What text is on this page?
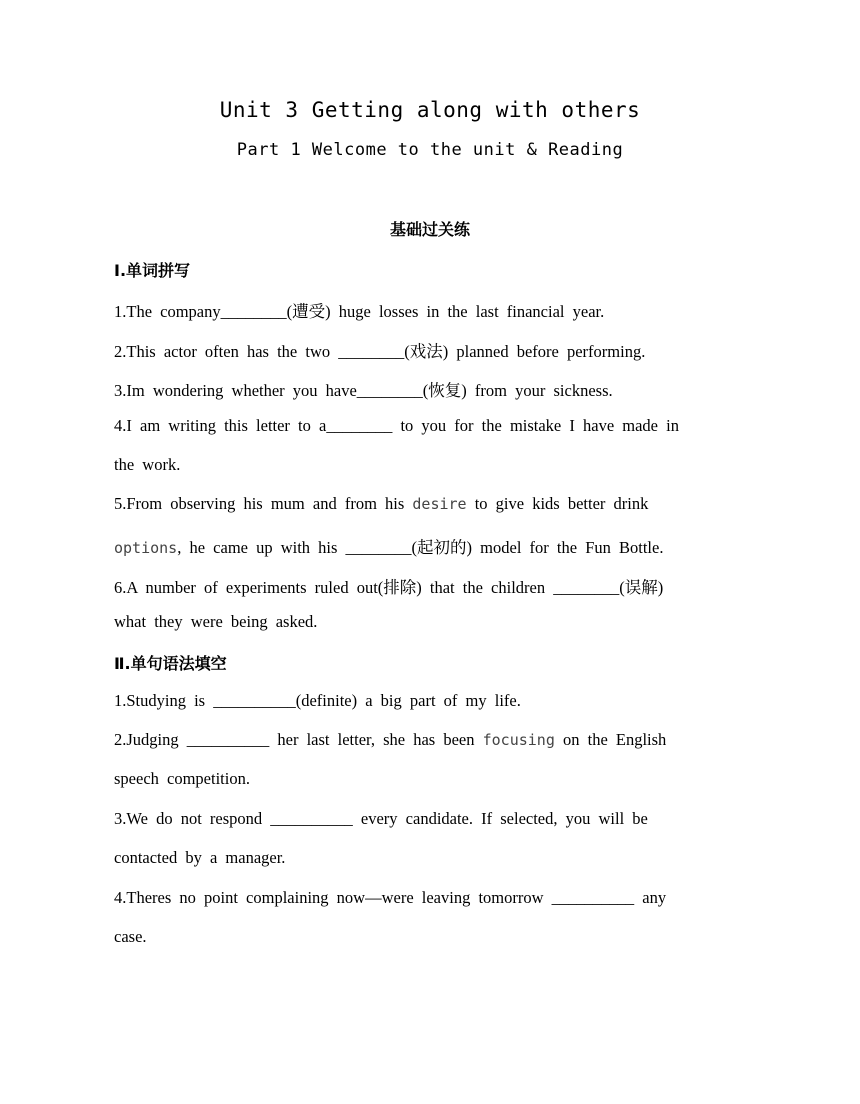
Unit 3 Getting along with others
Part 1 Welcome to the unit & Reading
基础过关练
Ⅰ.单词拼写
1.The company________(遭受) huge losses in the last financial year.
2.This actor often has the two ________(戏法) planned before performing.
3.Im wondering whether you have________(恢复) from your sickness.
4.I am writing this letter to a________ to you for the mistake I have made in
the work.
5.From observing his mum and from his desire to give kids better drink
options, he came up with his ________(起初的) model for the Fun Bottle.
6.A number of experiments ruled out(排除) that the children ________(误解)
what they were being asked.
Ⅱ.单句语法填空
1.Studying is __________(definite) a big part of my life.
2.Judging __________ her last letter, she has been focusing on the English
speech competition.
3.We do not respond __________ every candidate. If selected, you will be
contacted by a manager.
4.Theres no point complaining now—were leaving tomorrow __________ any
case.
